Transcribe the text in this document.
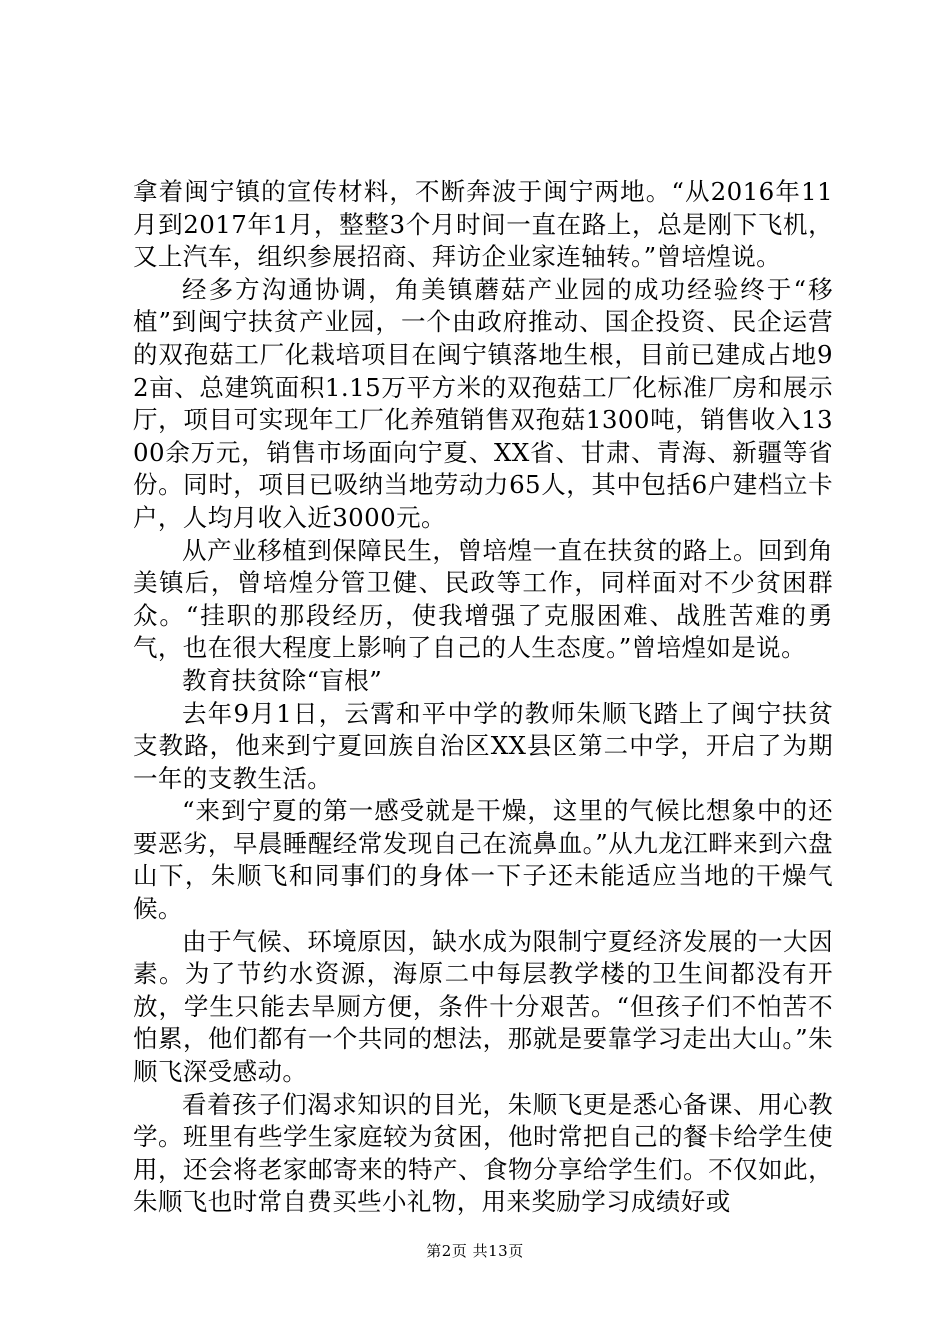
拿着闽宁镇的宣传材料，不断奔波于闽宁两地。“从2016年11月到2017年1月，整整3个月时间一直在路上，总是刚下飞机，又上汽车，组织参展招商、拜访企业家连轴转。”曾培煌说。

经多方沟通协调，角美镇蘑菇产业园的成功经验终于“移植”到闽宁扶贫产业园，一个由政府推动、国企投资、民企运营的双孢菇工厂化栽培项目在闽宁镇落地生根，目前已建成占地92亩、总建筑面积1.15万平方米的双孢菇工厂化标准厂房和展示厅，项目可实现年工厂化养殖销售双孢菇1300吨，销售收入1300余万元，销售市场面向宁夏、XX省、甘肃、青海、新疆等省份。同时，项目已吸纳当地劳动力65人，其中包括6户建档立卡户，人均月收入近3000元。

从产业移植到保障民生，曾培煌一直在扶贫的路上。回到角美镇后，曾培煌分管卫健、民政等工作，同样面对不少贫困群众。“挂职的那段经历，使我增强了克服困难、战胜苦难的勇气，也在很大程度上影响了自己的人生态度。”曾培煌如是说。

教育扶贫除“盲根”

去年9月1日，云霄和平中学的教师朱顺飞踏上了闽宁扶贫支教路，他来到宁夏回族自治区XX县区第二中学，开启了为期一年的支教生活。

“来到宁夏的第一感受就是干燥，这里的气候比想象中的还要恶劣，早晨睡醒经常发现自己在流鼻血。”从九龙江畔来到六盘山下，朱顺飞和同事们的身体一下子还未能适应当地的干燥气候。

由于气候、环境原因，缺水成为限制宁夏经济发展的一大因素。为了节约水资源，海原二中每层教学楼的卫生间都没有开放，学生只能去旱厕方便，条件十分艰苦。“但孩子们不怕苦不怕累，他们都有一个共同的想法，那就是要靠学习走出大山。”朱顺飞深受感动。

看着孩子们渴求知识的目光，朱顺飞更是悉心备课、用心教学。班里有些学生家庭较为贫困，他时常把自己的餐卡给学生使用，还会将老家邮寄来的特产、食物分享给学生们。不仅如此，朱顺飞也时常自费买些小礼物，用来奖励学习成绩好或

第2页 共13页
